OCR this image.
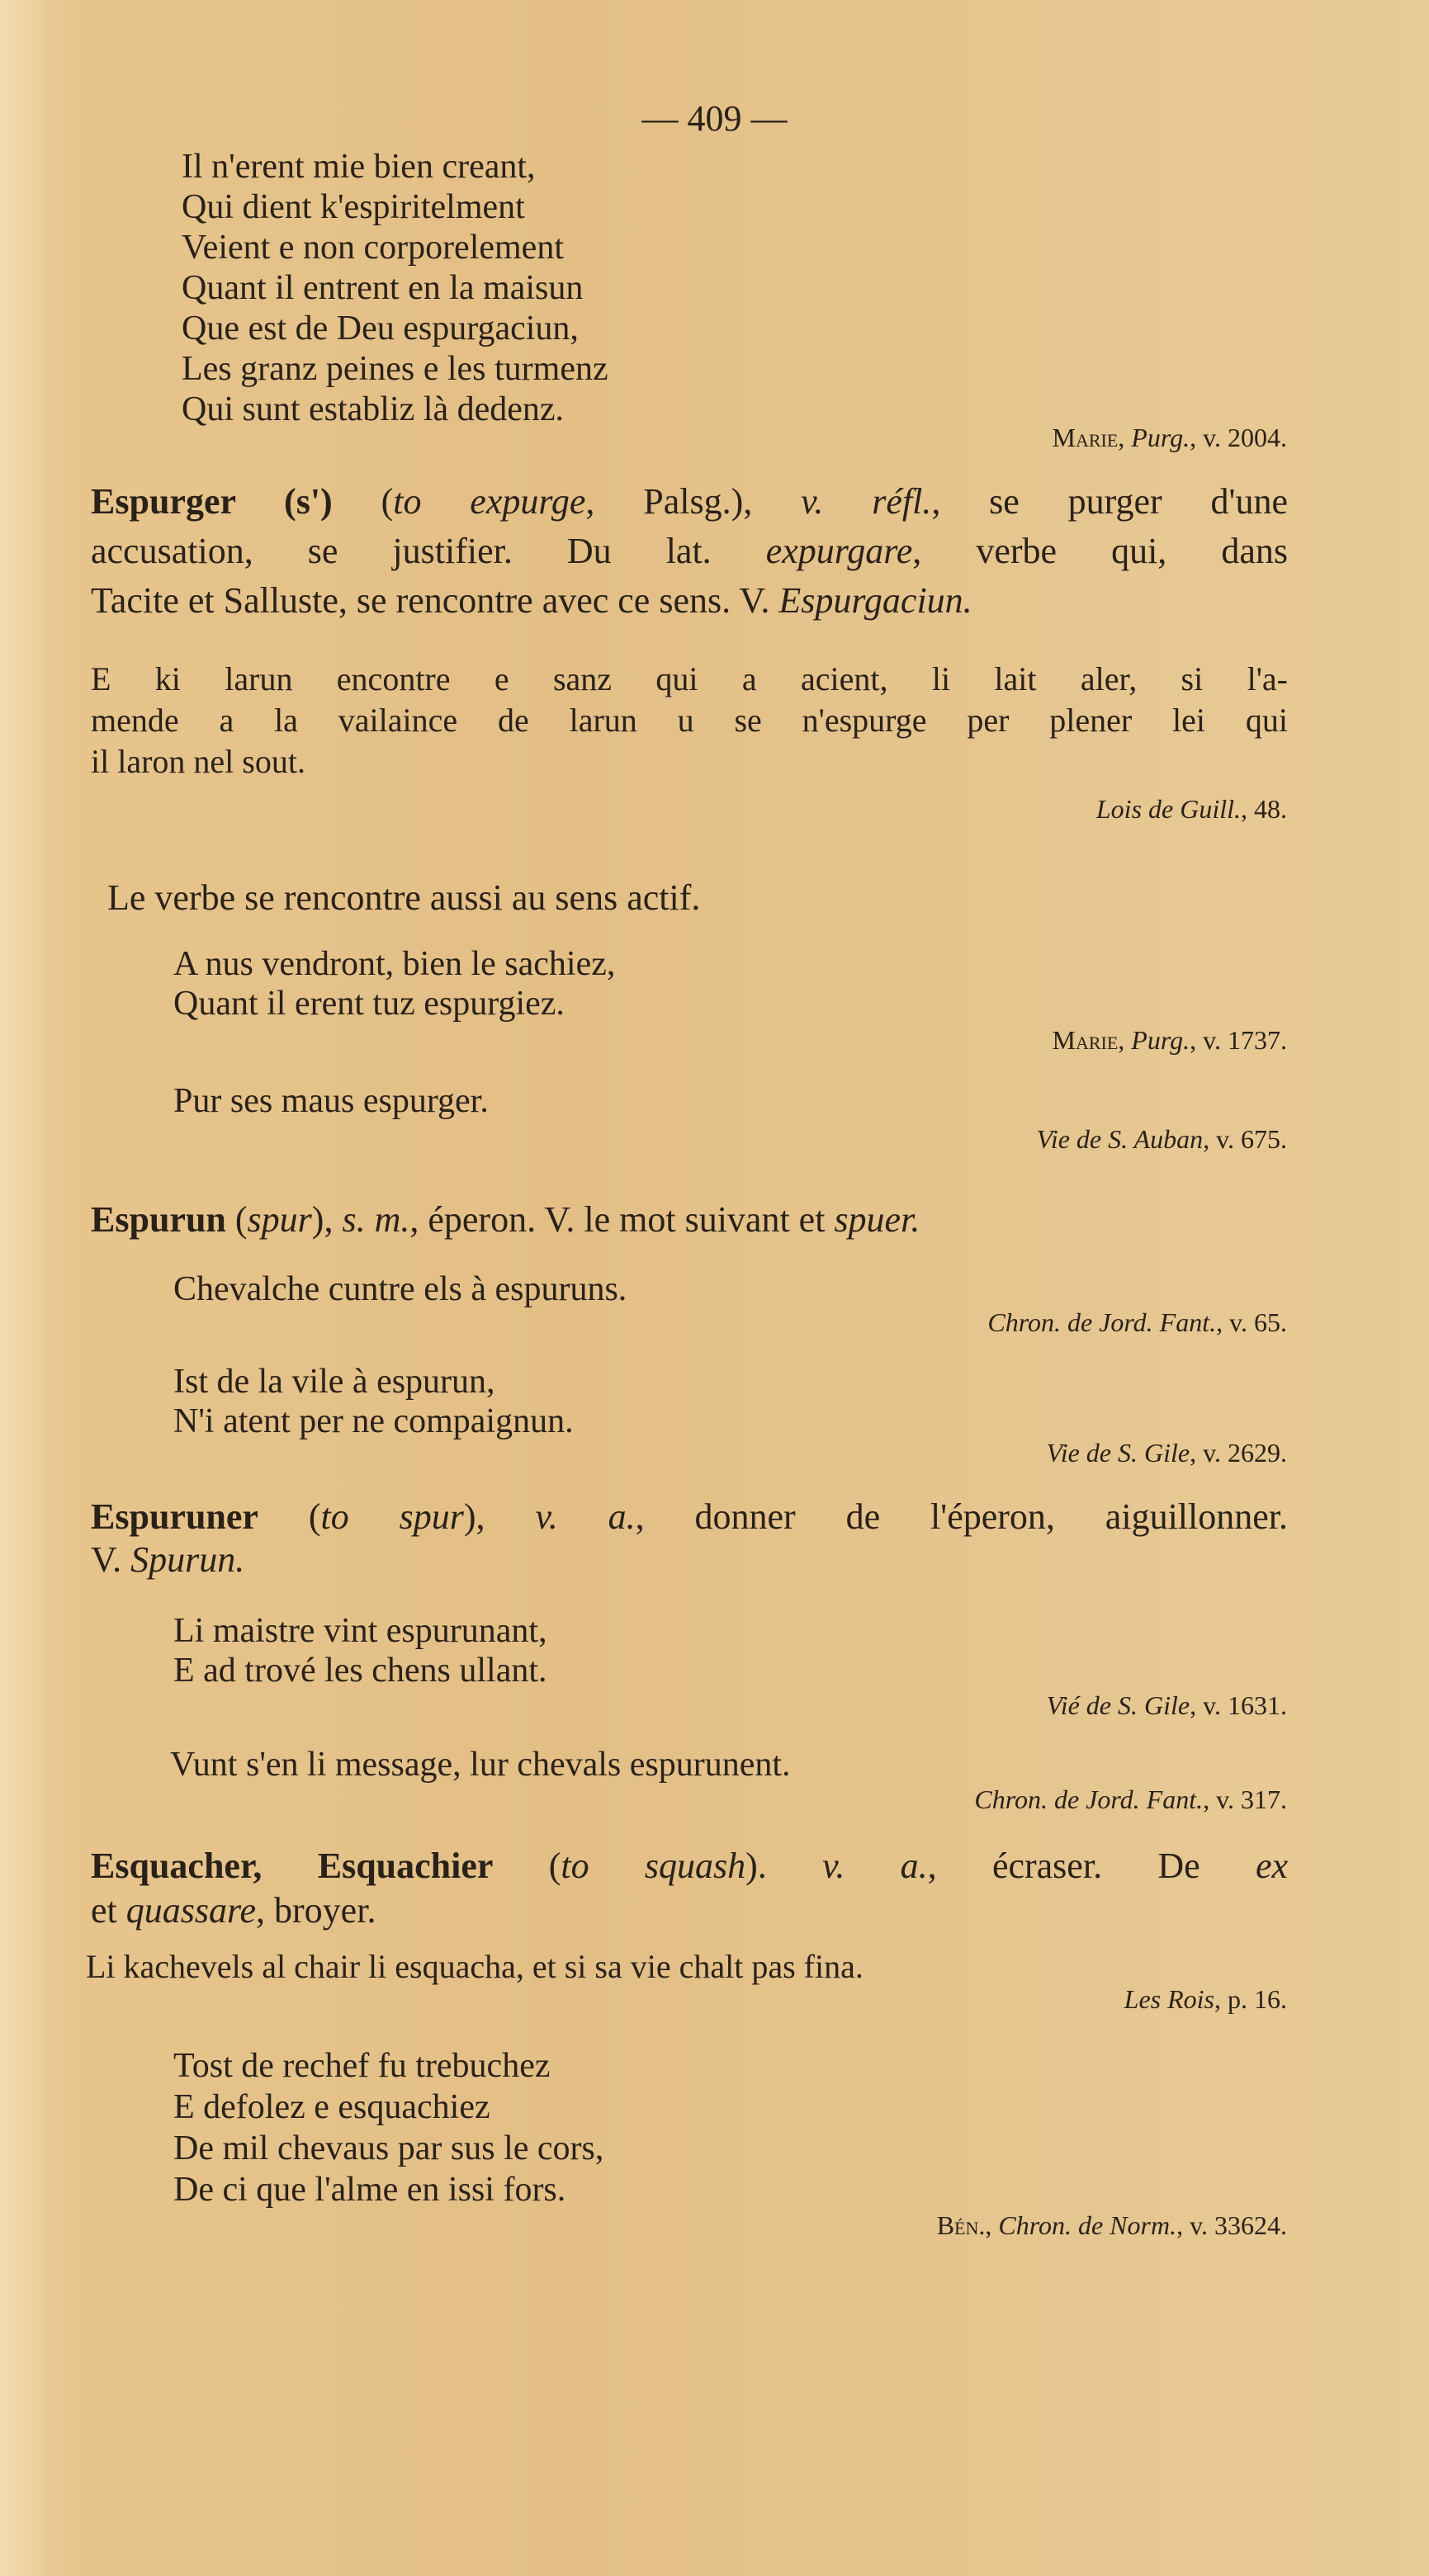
— 409 —
Il n'erent mie bien creant,
Qui dient k'espiritelment
Veient e non corporelement
Quant il entrent en la maisun
Que est de Deu espurgaciun,
Les granz peines e les turmenz
Qui sunt establiz là dedenz.
Marie, Purg., v. 2004.
Espurger (s') (to expurge, Palsg.), v. réfl., se purger d'une
accusation, se justifier. Du lat. expurgare, verbe qui, dans
Tacite et Salluste, se rencontre avec ce sens. V. Espurgaciun.
E ki larun encontre e sanz qui a acient, li lait aler, si l'a-
mende a la vailaince de larun u se n'espurge per plener lei qui
il laron nel sout.
Lois de Guill., 48.
Le verbe se rencontre aussi au sens actif.
A nus vendront, bien le sachiez,
Quant il erent tuz espurgiez.
Marie, Purg., v. 1737.
Pur ses maus espurger.
Vie de S. Auban, v. 675.
Espurun (spur), s. m., éperon. V. le mot suivant et spuer.
Chevalche cuntre els à espuruns.
Chron. de Jord. Fant., v. 65.
Ist de la vile à espurun,
N'i atent per ne compaignun.
Vie de S. Gile, v. 2629.
Espuruner (to spur), v. a., donner de l'éperon, aiguillonner.
V. Spurun.
Li maistre vint espurunant,
E ad trové les chens ullant.
Vié de S. Gile, v. 1631.
Vunt s'en li message, lur chevals espurunent.
Chron. de Jord. Fant., v. 317.
Esquacher, Esquachier (to squash). v. a., écraser. De ex
et quassare, broyer.
Li kachevels al chair li esquacha, et si sa vie chalt pas fina.
Les Rois, p. 16.
Tost de rechef fu trebuchez
E defolez e esquachiez
De mil chevaus par sus le cors,
De ci que l'alme en issi fors.
Bén., Chron. de Norm., v. 33624.
